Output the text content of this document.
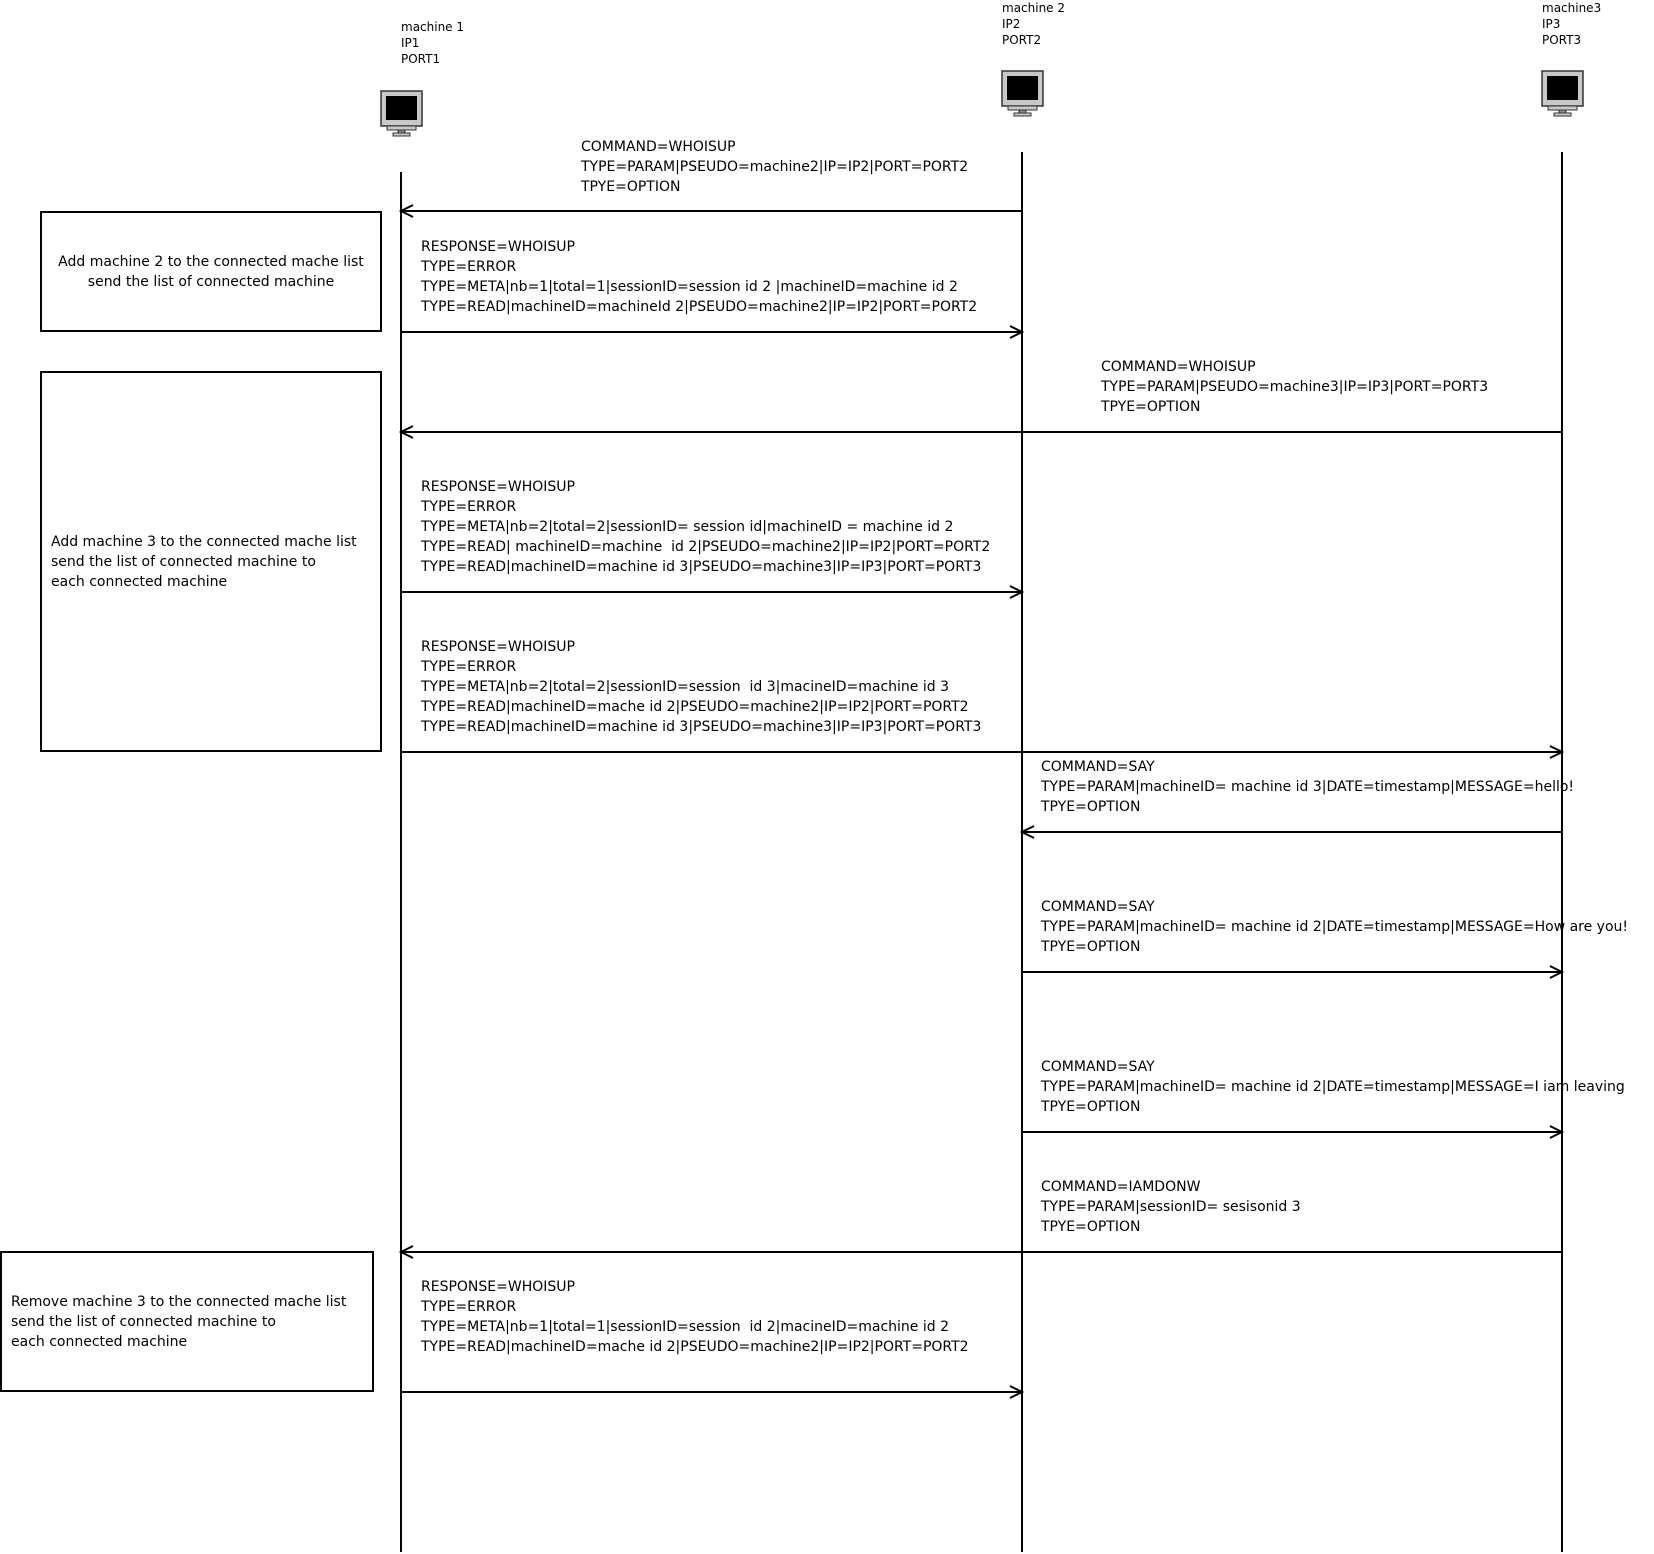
machine 1
IP1
PORT1
machine 2
IP2
PORT2
machine3
IP3
PORT3
Add machine 2 to the connected mache list
send the list of connected machine
Add machine 3 to the connected mache list
send the list of connected machine to
each connected machine
Remove machine 3 to the connected mache list
send the list of connected machine to
each connected machine
COMMAND=WHOISUP
TYPE=PARAM|PSEUDO=machine2|IP=IP2|PORT=PORT2
TPYE=OPTION
RESPONSE=WHOISUP
TYPE=ERROR
TYPE=META|nb=1|total=1|sessionID=session id 2 |machineID=machine id 2
TYPE=READ|machineID=machineId 2|PSEUDO=machine2|IP=IP2|PORT=PORT2
COMMAND=WHOISUP
TYPE=PARAM|PSEUDO=machine3|IP=IP3|PORT=PORT3
TPYE=OPTION
RESPONSE=WHOISUP
TYPE=ERROR
TYPE=META|nb=2|total=2|sessionID= session id|machineID = machine id 2
TYPE=READ| machineID=machine  id 2|PSEUDO=machine2|IP=IP2|PORT=PORT2
TYPE=READ|machineID=machine id 3|PSEUDO=machine3|IP=IP3|PORT=PORT3
RESPONSE=WHOISUP
TYPE=ERROR
TYPE=META|nb=2|total=2|sessionID=session  id 3|macineID=machine id 3
TYPE=READ|machineID=mache id 2|PSEUDO=machine2|IP=IP2|PORT=PORT2
TYPE=READ|machineID=machine id 3|PSEUDO=machine3|IP=IP3|PORT=PORT3
COMMAND=SAY
TYPE=PARAM|machineID= machine id 3|DATE=timestamp|MESSAGE=hello!
TPYE=OPTION
COMMAND=SAY
TYPE=PARAM|machineID= machine id 2|DATE=timestamp|MESSAGE=How are you!
TPYE=OPTION
COMMAND=SAY
TYPE=PARAM|machineID= machine id 2|DATE=timestamp|MESSAGE=I iam leaving
TPYE=OPTION
COMMAND=IAMDONW
TYPE=PARAM|sessionID= sesisonid 3
TPYE=OPTION
RESPONSE=WHOISUP
TYPE=ERROR
TYPE=META|nb=1|total=1|sessionID=session  id 2|macineID=machine id 2
TYPE=READ|machineID=mache id 2|PSEUDO=machine2|IP=IP2|PORT=PORT2
